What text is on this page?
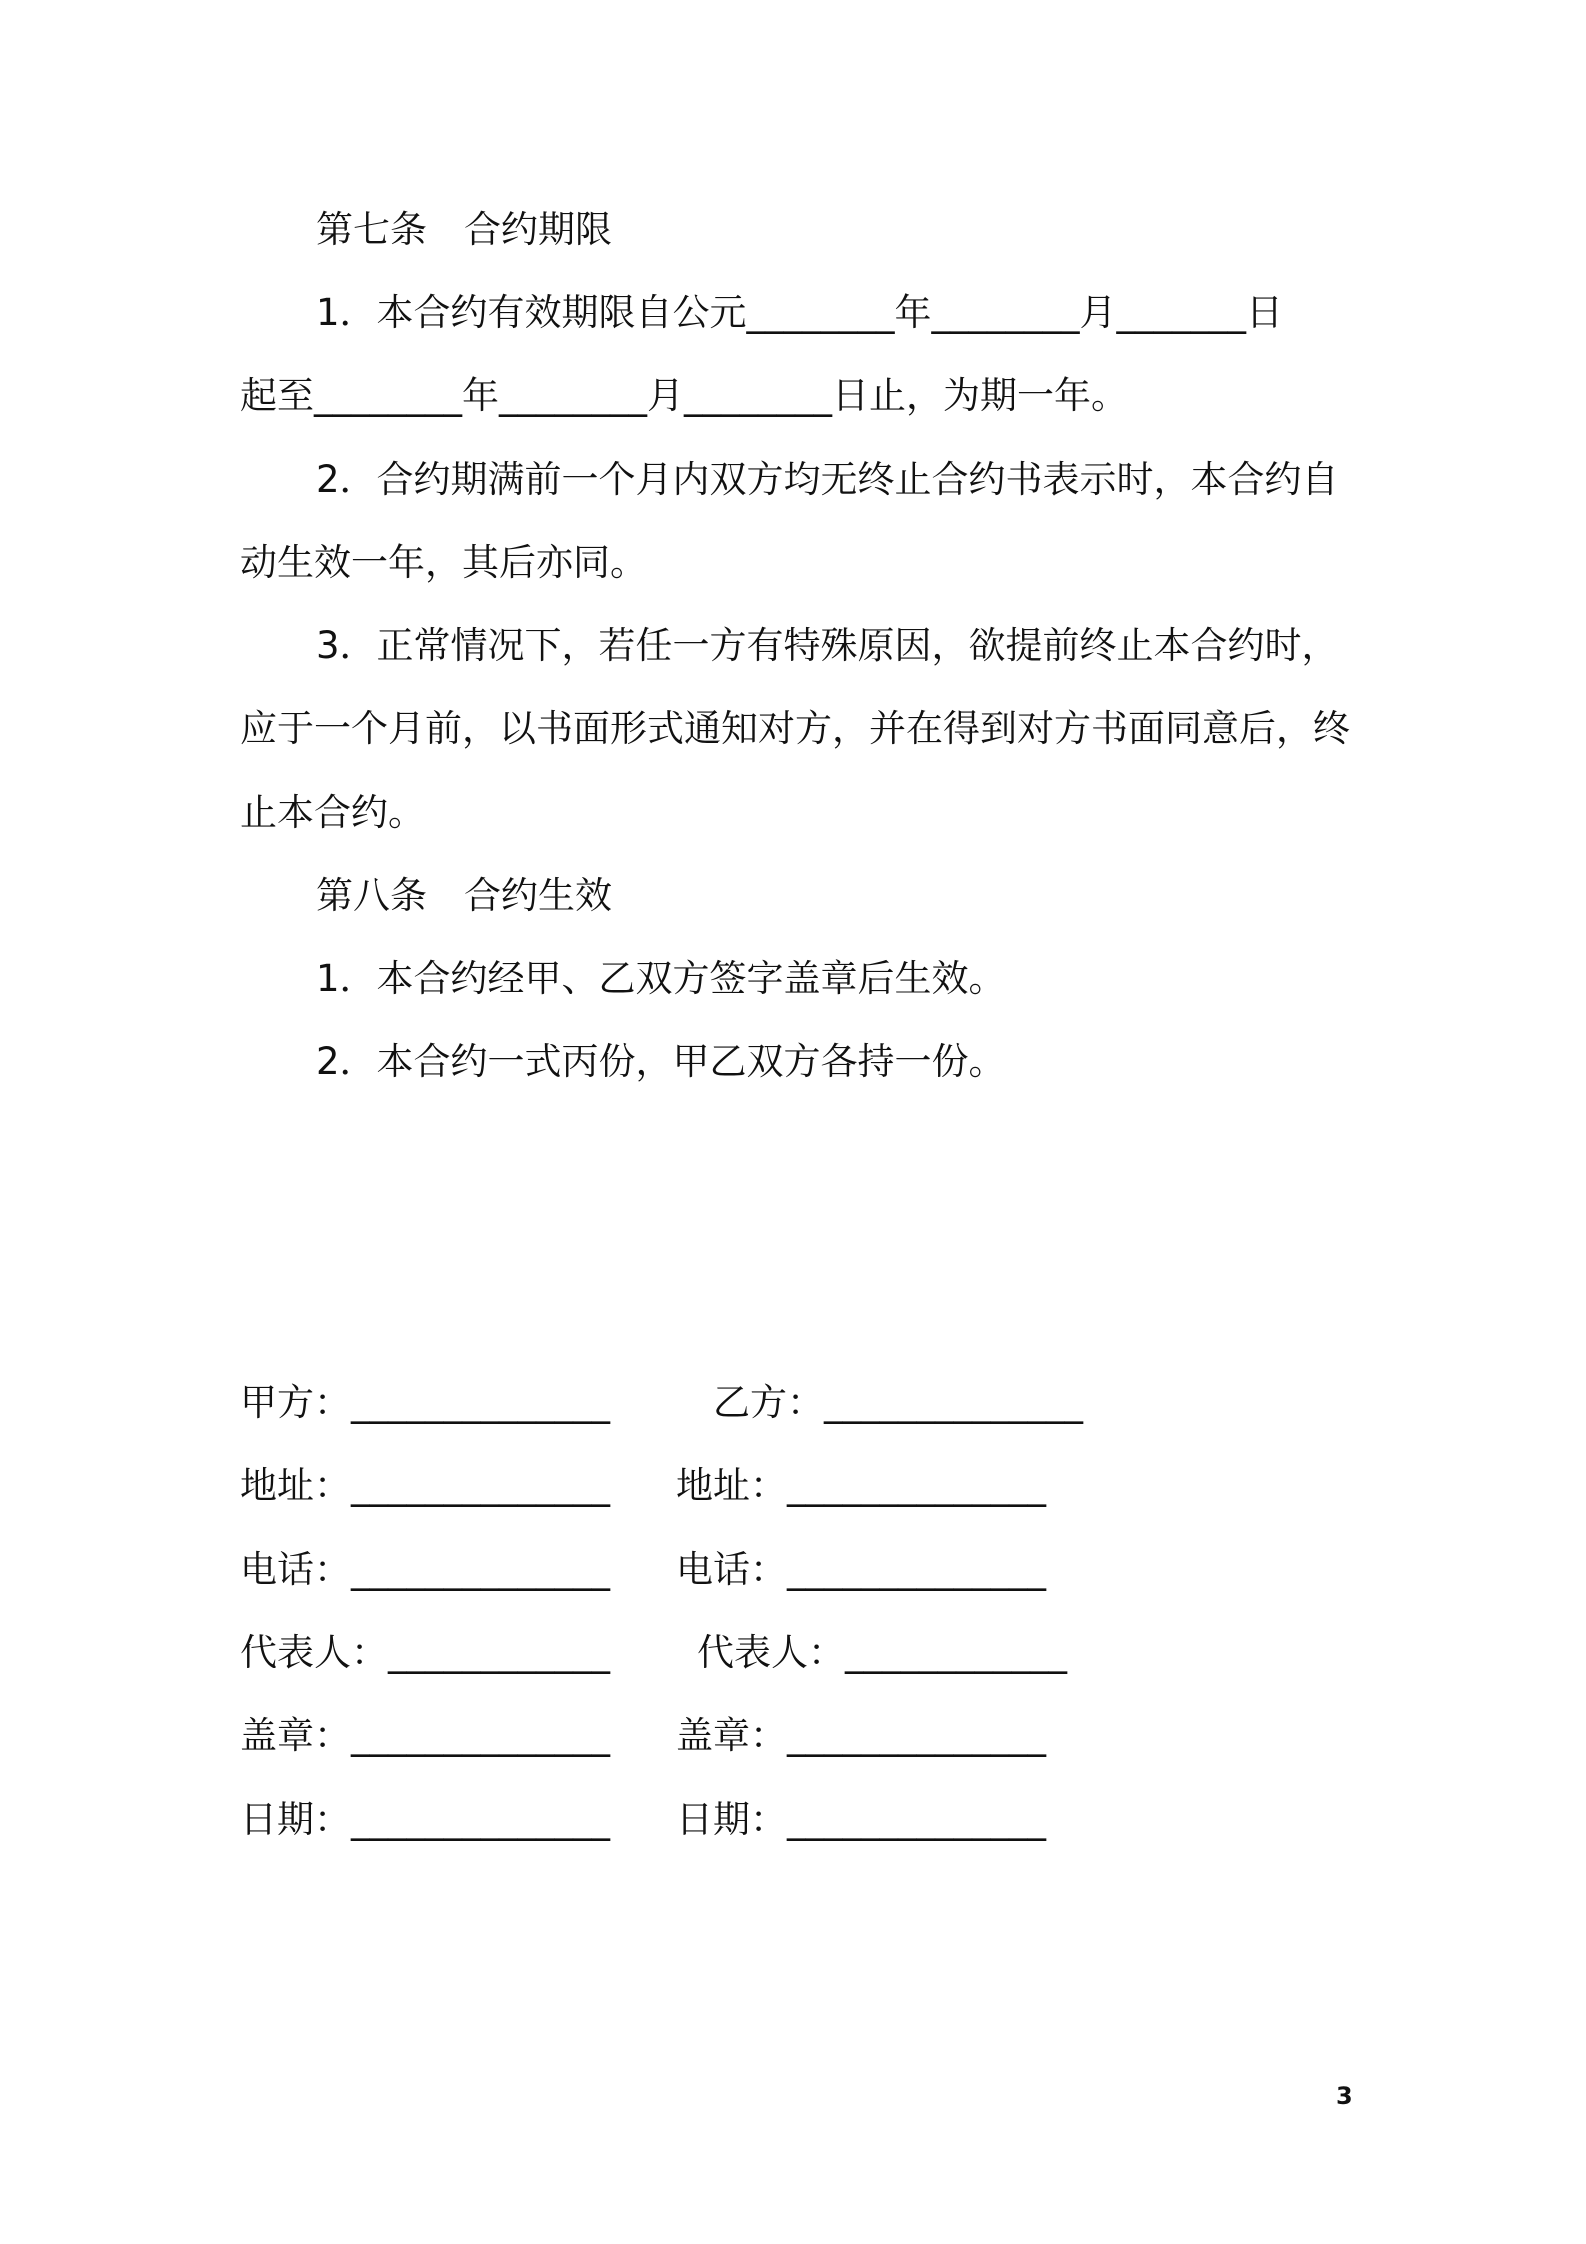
第七条　合约期限
1．本合约有效期限自公元________年________月_______日
起至________年________月________日止，为期一年。
2．合约期满前一个月内双方均无终止合约书表示时，本合约自
动生效一年，其后亦同。
3．正常情况下，若任一方有特殊原因，欲提前终止本合约时，
应于一个月前，以书面形式通知对方，并在得到对方书面同意后，终
止本合约。
第八条　合约生效
1．本合约经甲、乙双方签字盖章后生效。
2．本合约一式丙份，甲乙双方各持一份。
甲方：______________	乙方：______________
地址：______________ 地址：______________
电话：______________ 电话：______________
代表人：____________ 代表人：____________
盖章：______________ 盖章：______________
日期：______________ 日期：______________
3
